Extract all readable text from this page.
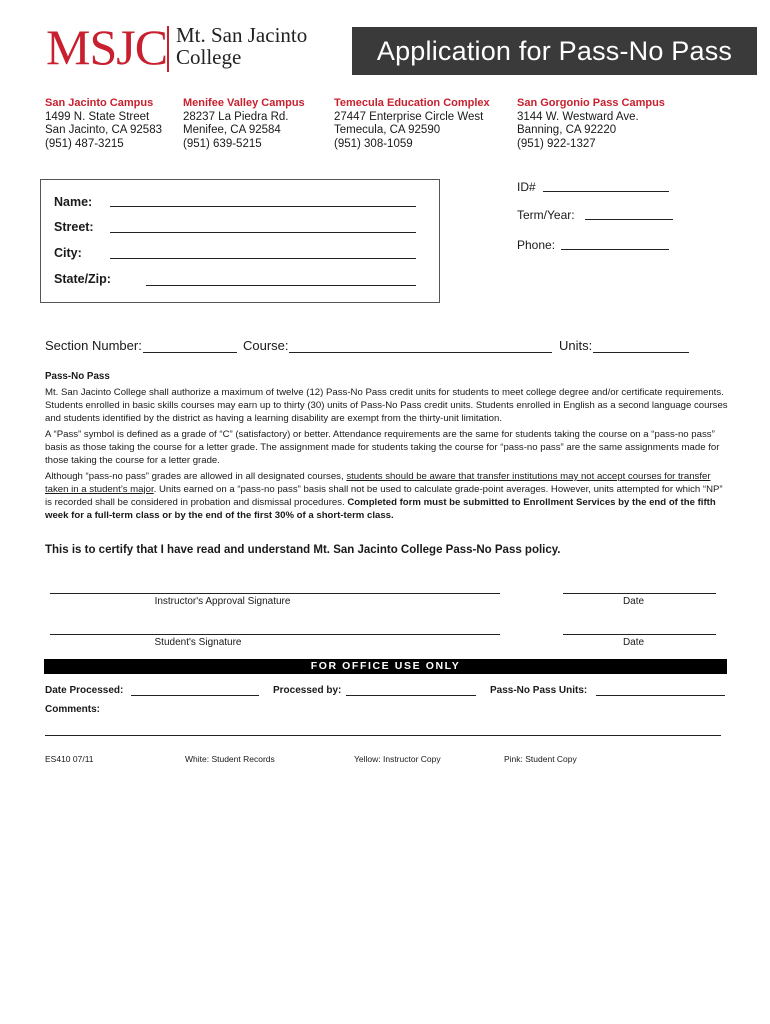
MSJC Mt. San Jacinto
College	Application for Pass-No Pass
San Jacinto Campus
1499 N. State Street
San Jacinto, CA 92583
(951) 487-3215
Menifee Valley Campus
28237 La Piedra Rd.
Menifee, CA 92584
(951) 639-5215
Temecula Education Complex
27447 Enterprise Circle West
Temecula, CA 92590
(951) 308-1059
San Gorgonio Pass Campus
3144 W. Westward Ave.
Banning, CA 92220
(951) 922-1327
Name:
Street:
City:
State/Zip:
ID#
Term/Year:
Phone:
Section Number:	Course:	Units:
Pass-No Pass

Mt. San Jacinto College shall authorize a maximum of twelve (12) Pass-No Pass credit units for students to meet college degree and/or certificate requirements. Students enrolled in basic skills courses may earn up to thirty (30) units of Pass-No Pass credit units. Students enrolled in English as a second language courses and students identified by the district as having a learning disability are exempt from the thirty-unit limitation.

A “Pass” symbol is defined as a grade of “C” (satisfactory) or better. Attendance requirements are the same for students taking the course on a “pass-no pass” basis as those taking the course for a letter grade. The assignment made for students taking the course for “pass-no pass” are the same assignments made for those taking the course for a letter grade.

Although “pass-no pass” grades are allowed in all designated courses, students should be aware that transfer institutions may not accept courses for transfer taken in a student’s major. Units earned on a “pass-no pass” basis shall not be used to calculate grade-point averages. However, units attempted for which “NP” is recorded shall be considered in probation and dismissal procedures. Completed form must be submitted to Enrollment Services by the end of the fifth week for a full-term class or by the end of the first 30% of a short-term class.

This is to certify that I have read and understand Mt. San Jacinto College Pass-No Pass policy.
Instructor's Approval Signature	Date
Student's Signature	Date
FOR OFFICE USE ONLY
Date Processed:	Processed by:	Pass-No Pass Units:
Comments:
ES410 07/11	White: Student Records	Yellow: Instructor Copy	Pink: Student Copy
